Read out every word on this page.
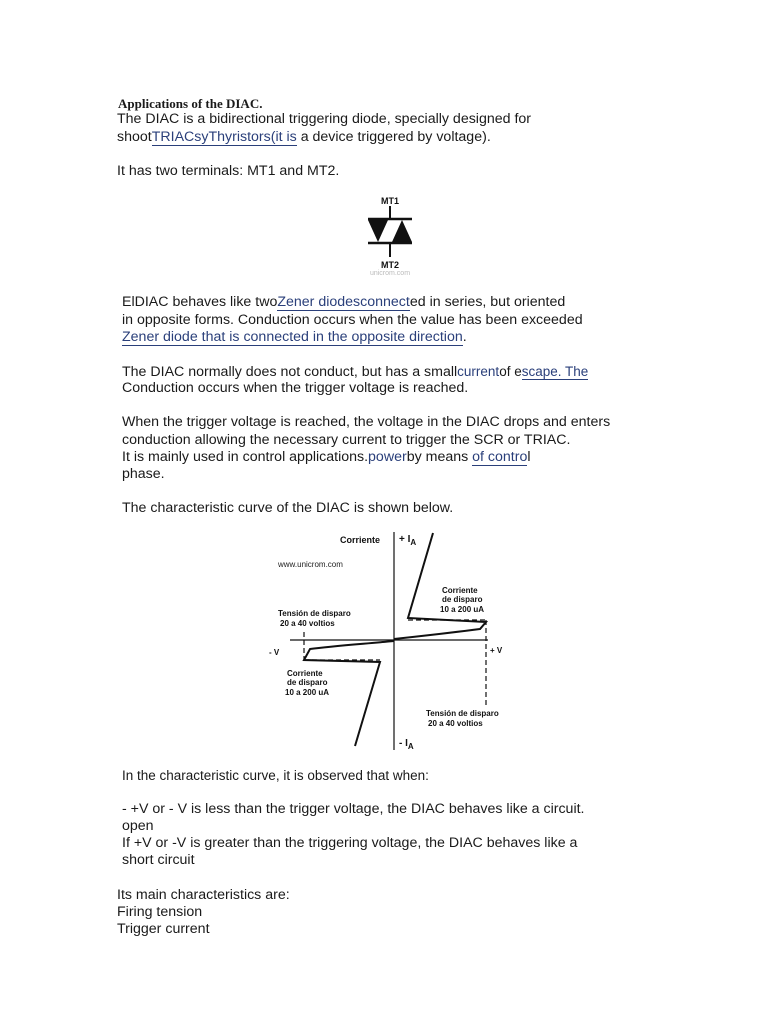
Applications of the DIAC.
The DIAC is a bidirectional triggering diode, specially designed for
shootTRIACsyThyristors(it is a device triggered by voltage).
It has two terminals: MT1 and MT2.
MT1
MT2
unicrom.com
ElDIAC behaves like twoZener diodesconnected in series, but oriented
in opposite forms. Conduction occurs when the value has been exceeded
Zener diode that is connected in the opposite direction.
The DIAC normally does not conduct, but has a smallcurrentof escape. The
Conduction occurs when the trigger voltage is reached.
When the trigger voltage is reached, the voltage in the DIAC drops and enters
conduction allowing the necessary current to trigger the SCR or TRIAC.
It is mainly used in control applications.powerby means of control
phase.
The characteristic curve of the DIAC is shown below.
Corriente + $I_A$
- $I_A$
www.unicrom.com
+ V
- V
Corriente
de disparo
10 a 200 uA
Tensión de disparo
20 a 40 voltios
Corriente
de disparo
10 a 200 uA
Tensión de disparo
20 a 40 voltios
In the characteristic curve, it is observed that when:
- +V or - V is less than the trigger voltage, the DIAC behaves like a circuit.
open
If +V or -V is greater than the triggering voltage, the DIAC behaves like a
short circuit
Its main characteristics are:
Firing tension
Trigger current
